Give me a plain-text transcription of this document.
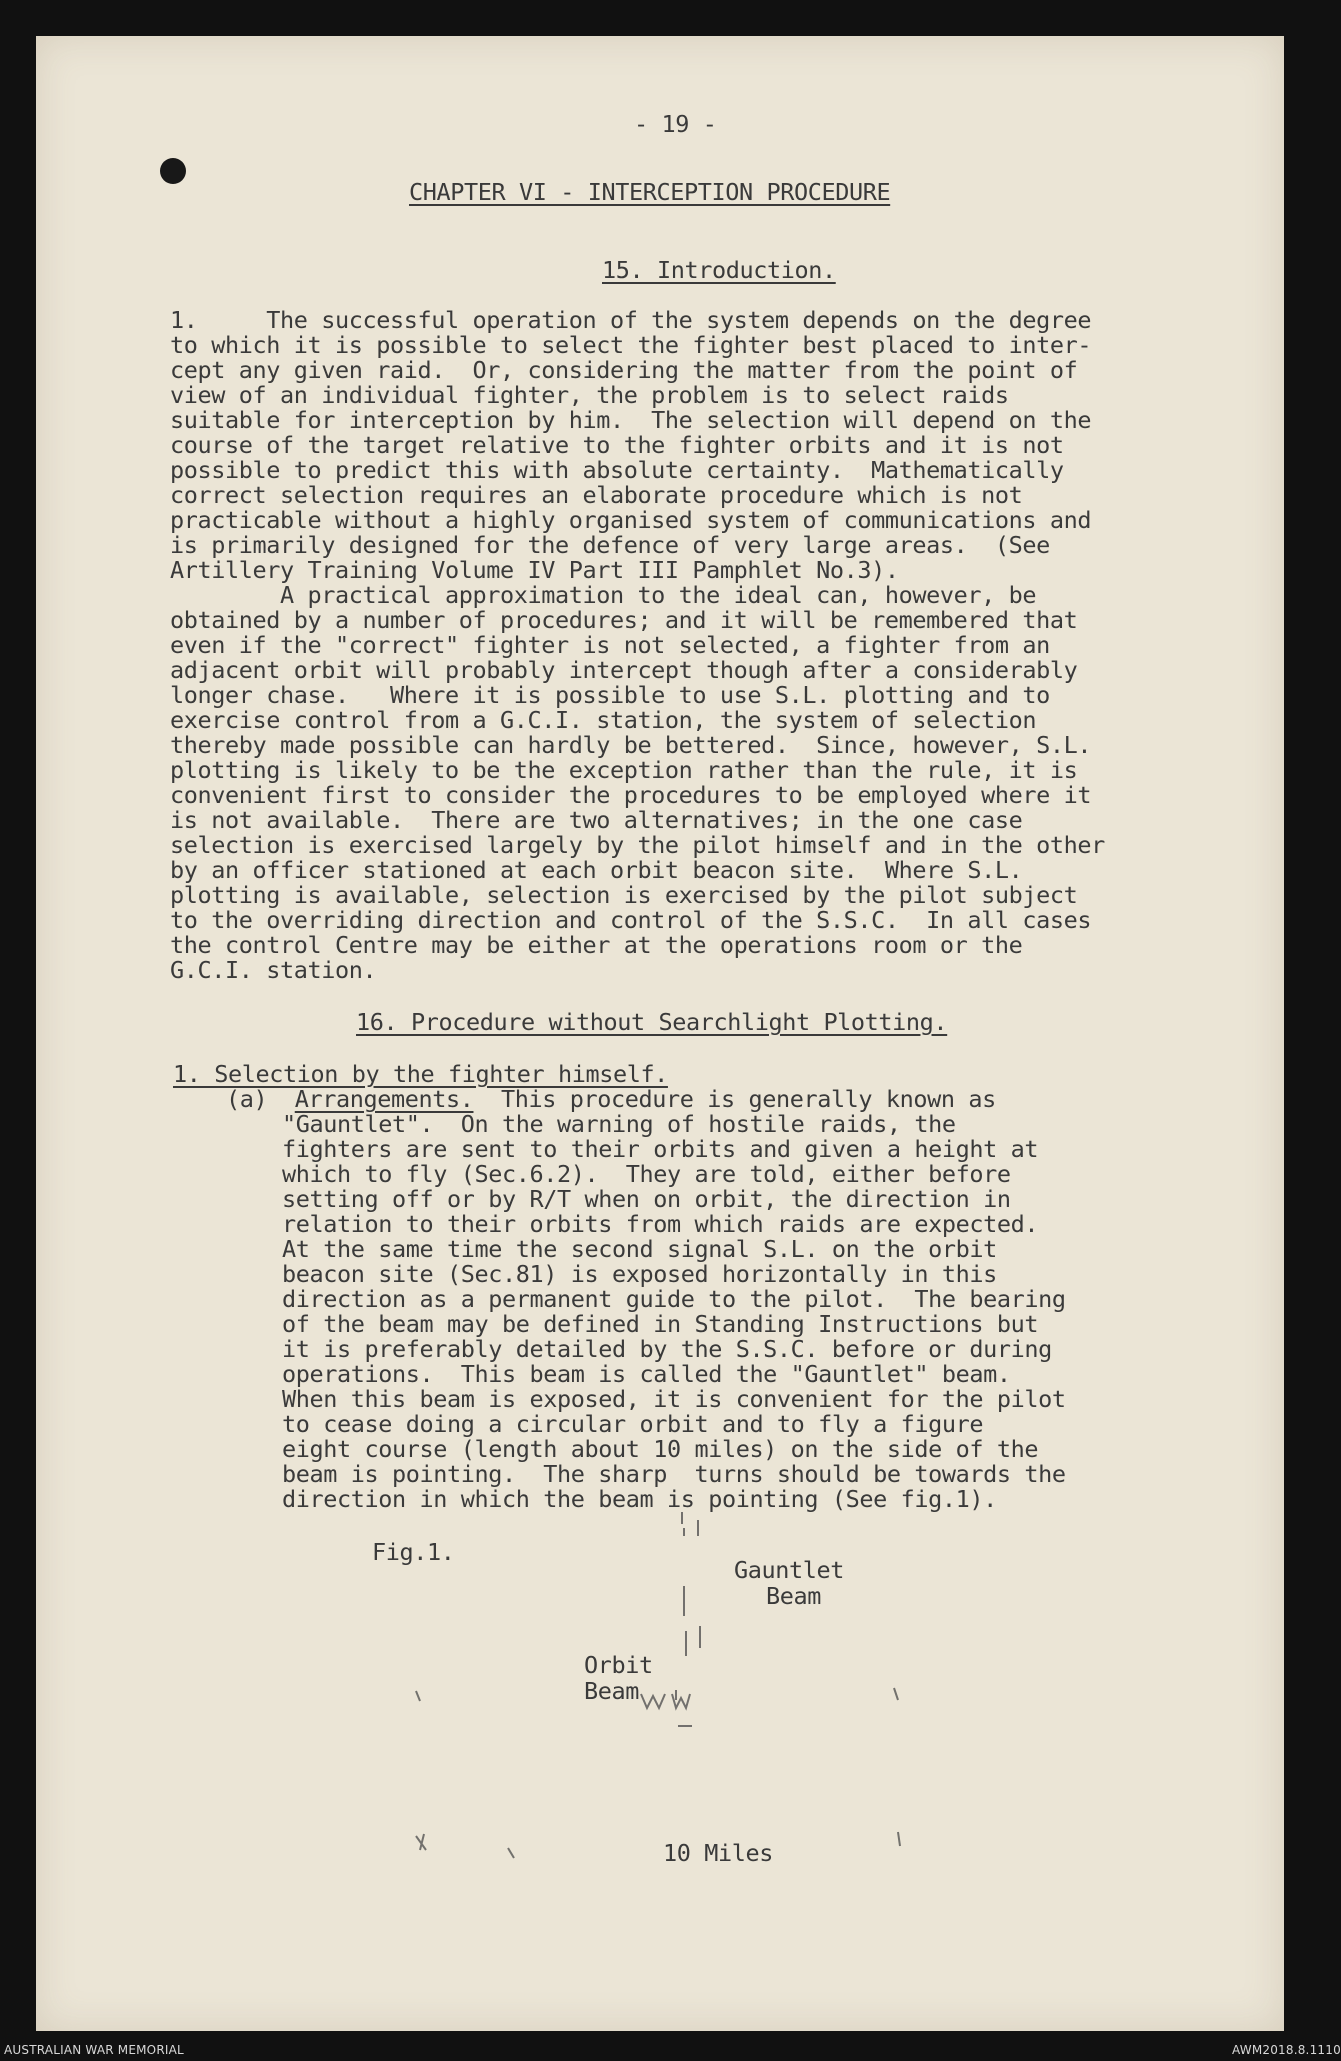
- 19 -
CHAPTER VI - INTERCEPTION PROCEDURE
15. Introduction.
1.     The successful operation of the system depends on the degree
to which it is possible to select the fighter best placed to inter-
cept any given raid.  Or, considering the matter from the point of
view of an individual fighter, the problem is to select raids
suitable for interception by him.  The selection will depend on the
course of the target relative to the fighter orbits and it is not
possible to predict this with absolute certainty.  Mathematically
correct selection requires an elaborate procedure which is not
practicable without a highly organised system of communications and
is primarily designed for the defence of very large areas.  (See
Artillery Training Volume IV Part III Pamphlet No.3).
A practical approximation to the ideal can, however, be
obtained by a number of procedures; and it will be remembered that
even if the "correct" fighter is not selected, a fighter from an
adjacent orbit will probably intercept though after a considerably
longer chase.   Where it is possible to use S.L. plotting and to
exercise control from a G.C.I. station, the system of selection
thereby made possible can hardly be bettered.  Since, however, S.L.
plotting is likely to be the exception rather than the rule, it is
convenient first to consider the procedures to be employed where it
is not available.  There are two alternatives; in the one case
selection is exercised largely by the pilot himself and in the other
by an officer stationed at each orbit beacon site.  Where S.L.
plotting is available, selection is exercised by the pilot subject
to the overriding direction and control of the S.S.C.  In all cases
the control Centre may be either at the operations room or the
G.C.I. station.
16. Procedure without Searchlight Plotting.
1. Selection by the fighter himself.
(a) Arrangements.  This procedure is generally known as
"Gauntlet".  On the warning of hostile raids, the
fighters are sent to their orbits and given a height at
which to fly (Sec.6.2).  They are told, either before
setting off or by R/T when on orbit, the direction in
relation to their orbits from which raids are expected.
At the same time the second signal S.L. on the orbit
beacon site (Sec.81) is exposed horizontally in this
direction as a permanent guide to the pilot.  The bearing
of the beam may be defined in Standing Instructions but
it is preferably detailed by the S.S.C. before or during
operations.  This beam is called the "Gauntlet" beam.
When this beam is exposed, it is convenient for the pilot
to cease doing a circular orbit and to fly a figure
eight course (length about 10 miles) on the side of the
beam is pointing.  The sharp  turns should be towards the
direction in which the beam is pointing (See fig.1).
Fig.1.
Gauntlet
Beam
Orbit
Beam
10 Miles
AUSTRALIAN WAR MEMORIAL	AWM2018.8.1110
